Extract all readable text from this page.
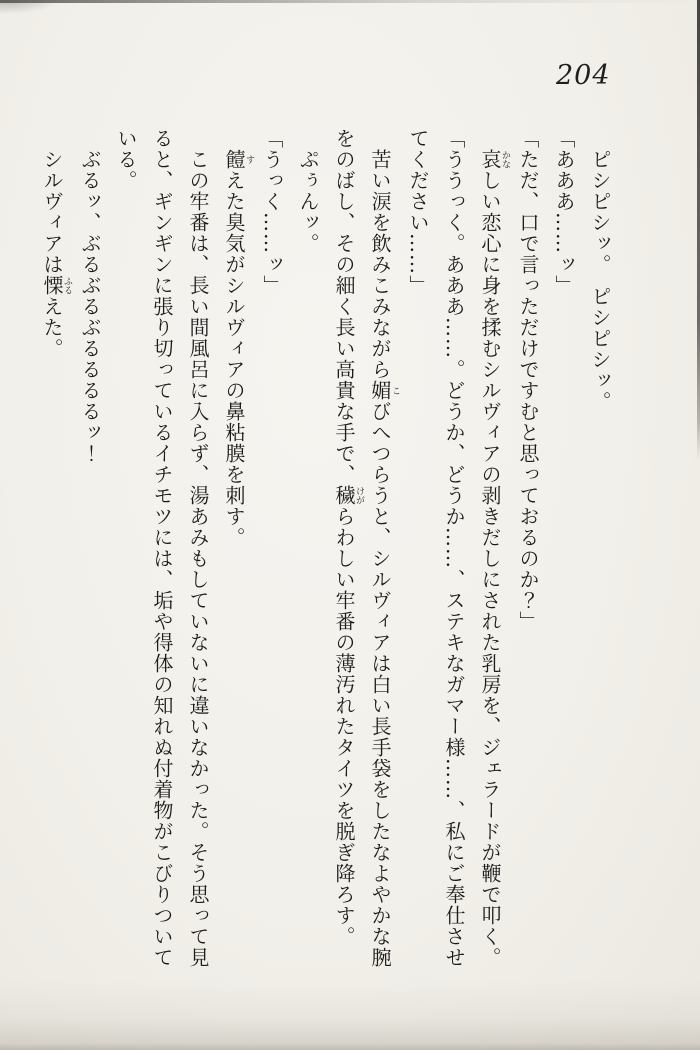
204

ピシピシッ。　ピシピシッ。

「あああ……ッ」

「ただ、口で言っただけですむと思っておるのか？」

哀かなしい恋心に身を揉むシルヴィアの剥きだしにされた乳房を、ジェラードが鞭で叩く。

「ううっく。あああ……。どうか、どうか……、ステキなガマー様……、私にご奉仕させてください……」

苦い涙を飲みこみながら媚こびへつらうと、シルヴィアは白い長手袋をしたなよやかな腕をのばし、その細く長い高貴な手で、穢けがらわしい牢番の薄汚れたタイツを脱ぎ降ろす。

ぷぅんッ。

「うっく……ッ」

饐すえた臭気がシルヴィアの鼻粘膜を刺す。

この牢番は、長い間風呂に入らず、湯あみもしていないに違いなかった。そう思って見ると、ギンギンに張り切っているイチモツには、垢や得体の知れぬ付着物がこびりついている。

ぶるッ、ぶるぶるぶるるるるッ！

シルヴィアは慄ふるえた。
